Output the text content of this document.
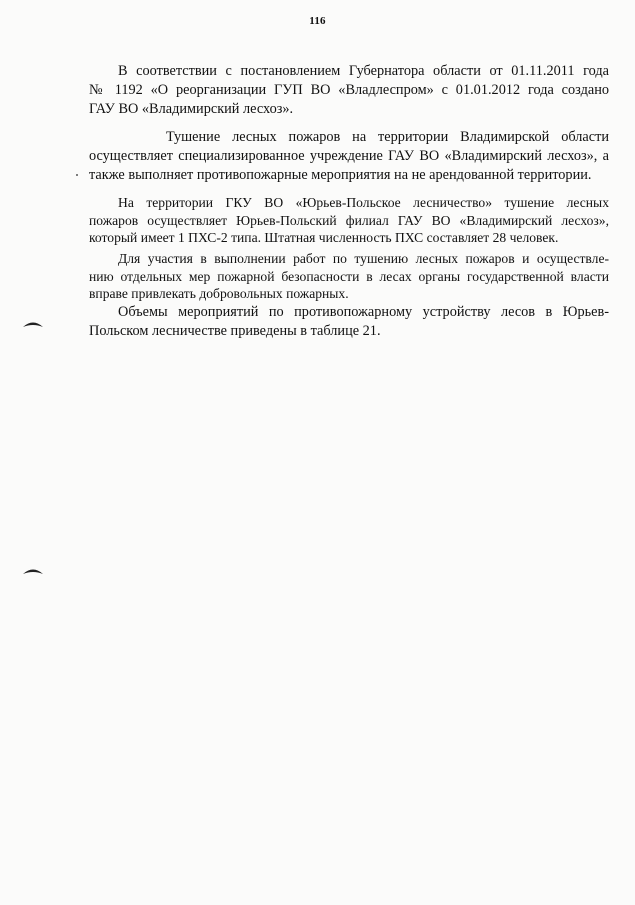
116
В соответствии с постановлением Губернатора области от 01.11.2011 года
№ 1192 «О реорганизации ГУП ВО «Владлеспром» с 01.01.2012 года создано
ГАУ ВО «Владимирский лесхоз».
Тушение лесных пожаров на территории Владимирской области
осуществляет специализированное учреждение ГАУ ВО «Владимирский лесхоз», а
также выполняет противопожарные мероприятия на не арендованной территории.
На территории ГКУ ВО «Юрьев-Польское лесничество» тушение лесных
пожаров осуществляет Юрьев-Польский филиал ГАУ ВО «Владимирский лесхоз»,
который имеет 1 ПХС-2 типа. Штатная численность ПХС составляет 28 человек.
Для участия в выполнении работ по тушению лесных пожаров и осуществле-
нию отдельных мер пожарной безопасности в лесах органы государственной власти
вправе привлекать добровольных пожарных.
Объемы мероприятий по противопожарному устройству лесов в Юрьев-
Польском лесничестве приведены в таблице 21.
